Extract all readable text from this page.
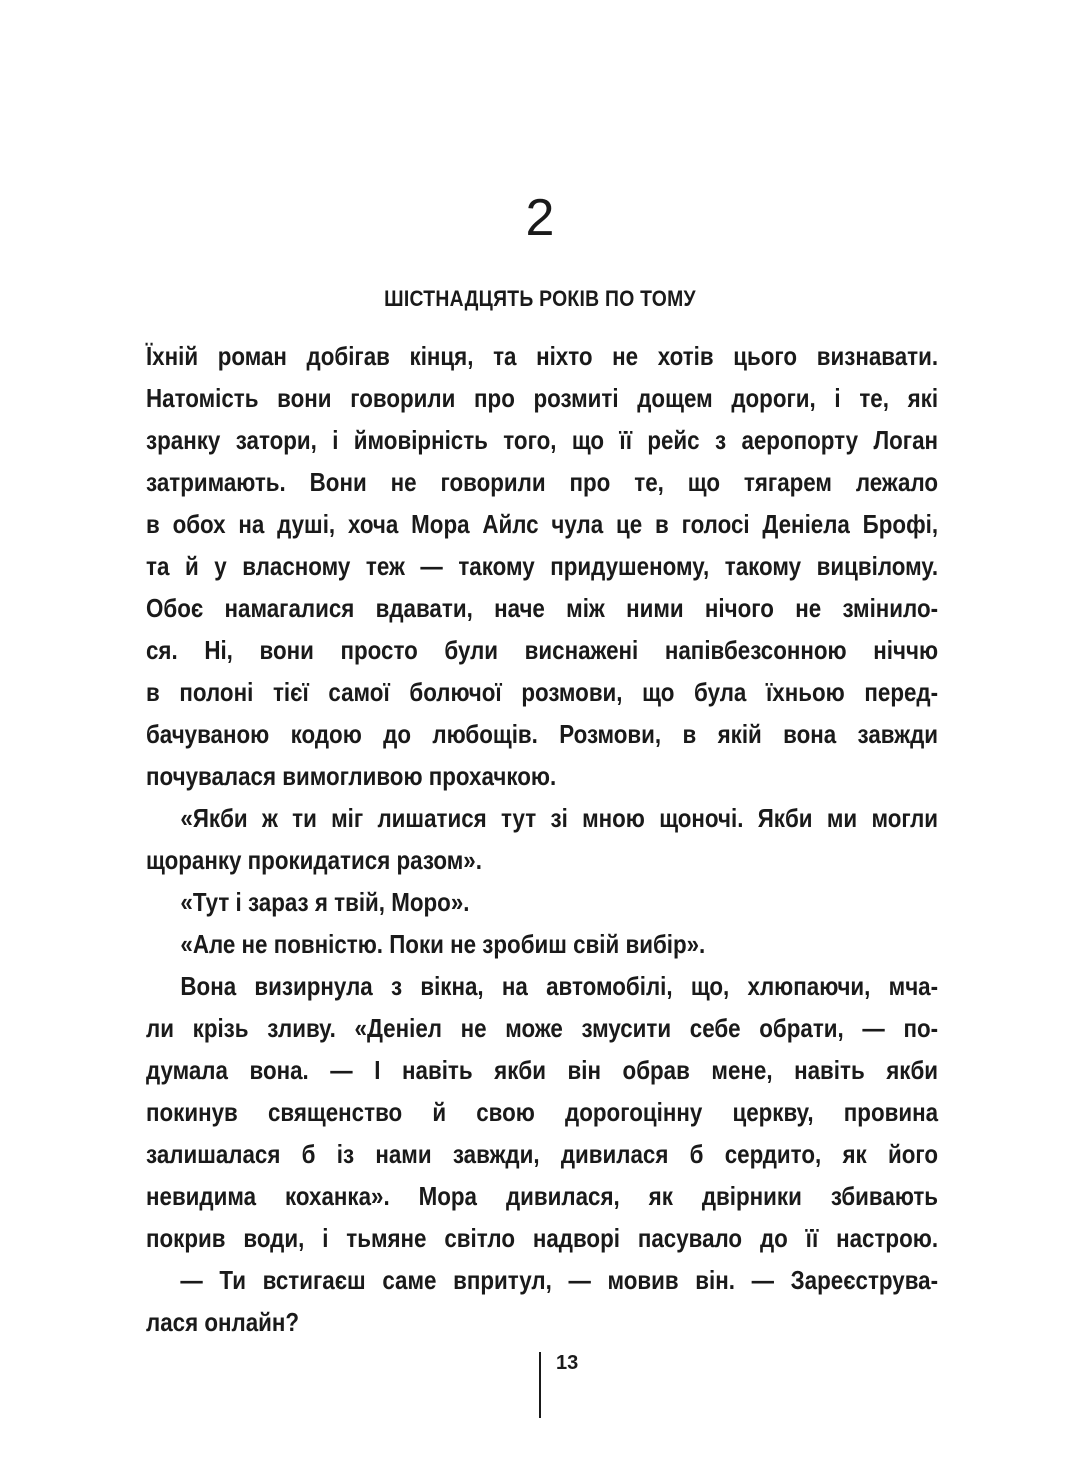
2
ШІСТНАДЦЯТЬ РОКІВ ПО ТОМУ
Їхній роман добігав кінця, та ніхто не хотів цього визнавати.
Натомість вони говорили про розмиті дощем дороги, і те, які
зранку затори, і ймовірність того, що її рейс з аеропорту Логан
затримають. Вони не говорили про те, що тягарем лежало
в обох на душі, хоча Мора Айлс чула це в голосі Деніела Брофі,
та й у власному теж — такому придушеному, такому вицвілому.
Обоє намагалися вдавати, наче між ними нічого не змінило-
ся. Ні, вони просто були виснажені напівбезсонною ніччю
в полоні тієї самої болючої розмови, що була їхньою перед-
бачуваною кодою до любощів. Розмови, в якій вона завжди
почувалася вимогливою прохачкою.
«Якби ж ти міг лишатися тут зі мною щоночі. Якби ми могли
щоранку прокидатися разом».
«Тут і зараз я твій, Моро».
«Але не повністю. Поки не зробиш свій вибір».
Вона визирнула з вікна, на автомобілі, що, хлюпаючи, мча-
ли крізь зливу. «Деніел не може змусити себе обрати, — по-
думала вона. — І навіть якби він обрав мене, навіть якби
покинув священство й свою дорогоцінну церкву, провина
залишалася б із нами завжди, дивилася б сердито, як його
невидима коханка». Мора дивилася, як двірники збивають
покрив води, і тьмяне світло надворі пасувало до її настрою.
— Ти встигаєш саме впритул, — мовив він. — Зареєструва-
лася онлайн?
13
